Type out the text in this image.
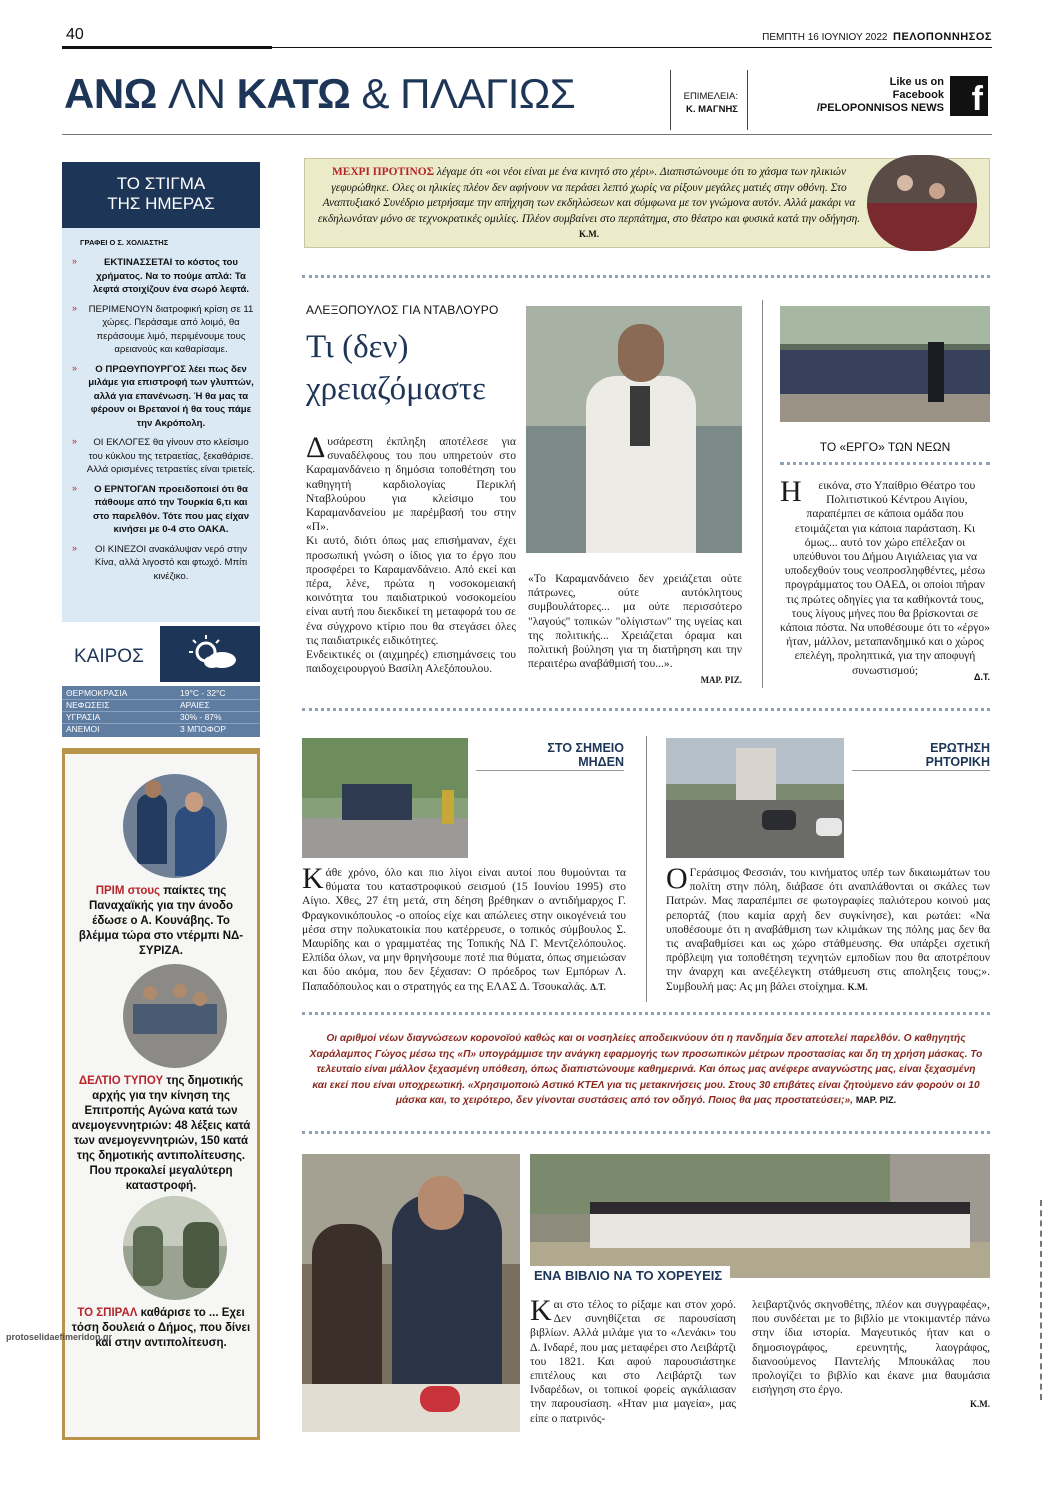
40	ΠΕΜΠΤΗ 16 ΙΟΥΝΙΟΥ 2022 ΠΕΛΟΠΟΝΝΗΣΟΣ
ΑΝΩ ΛΝ ΚΑΤΩ & ΠΛΑΓΙΩΣ	ΕΠΙΜΕΛΕΙΑ:
Κ. ΜΑΓΝΗΣ
Like us on
Facebook
/PELOPONNISOS NEWS f
ΤΟ ΣΤΙΓΜΑ
ΤΗΣ ΗΜΕΡΑΣ
ΓΡΑΦΕΙ Ο Σ. ΧΟΛΙΑΣΤΗΣ
»	ΕΚΤΙΝΑΣΣΕΤΑΙ το κόστος του χρήματος. Να το πούμε απλά: Τα λεφτά στοιχίζουν ένα σωρό λεφτά.
»	ΠΕΡΙΜΕΝΟΥΝ διατροφική κρίση σε 11 χώρες. Περάσαμε από λοιμό, θα περάσουμε λιμό, περιμένουμε τους αρειανούς και καθαρίσαμε.
»	Ο ΠΡΩΘΥΠΟΥΡΓΟΣ λέει πως δεν μιλάμε για επιστροφή των γλυπτών, αλλά για επανένωση. Ή θα μας τα φέρουν οι Βρετανοί ή θα τους πάμε την Ακρόπολη.
»	ΟΙ ΕΚΛΟΓΕΣ θα γίνουν στο κλείσιμο του κύκλου της τετραετίας, ξεκαθάρισε. Αλλά ορισμένες τετραετίες είναι τριετείς.
»	Ο ΕΡΝΤΟΓΑΝ προειδοποιεί ότι θα πάθουμε από την Τουρκία 6,τι και στο παρελθόν. Τότε που μας είχαν κινήσει με 0-4 στο ΟΑΚΑ.
»	ΟΙ ΚΙΝΕΖΟΙ ανακάλυψαν νερό στην Κίνα, αλλά λιγοστό και φτωχό. Μπίτι κινέζικο.
ΚΑΙΡΟΣ
ΘΕΡΜΟΚΡΑΣΙΑ	19°C - 32°C
ΝΕΦΩΣΕΙΣ	ΑΡΑΙΕΣ
ΥΓΡΑΣΙΑ	30% - 87%
ΑΝΕΜΟΙ	3 ΜΠΟΦΟΡ
ΠΡΙΜ στους παίκτες της Παναχαϊκής για την άνοδο έδωσε ο Α. Κουνάβης. Το βλέμμα τώρα στο ντέρμπι ΝΔ-ΣΥΡΙΖΑ.
ΔΕΛΤΙΟ ΤΥΠΟΥ της δημοτικής αρχής για την κίνηση της Επιτροπής Αγώνα κατά των ανεμογεννητριών: 48 λέξεις κατά των ανεμογεννητριών, 150 κατά της δημοτικής αντιπολίτευσης. Που προκαλεί μεγαλύτερη καταστροφή.
ΤΟ ΣΠΙΡΑΛ καθάρισε το ... Εχει τόση δουλειά ο Δήμος, που δίνει και στην αντιπολίτευση.
protoselidaefimeridon.gr
ΜΕΧΡΙ ΠΡΟΤΙΝΟΣ λέγαμε ότι «οι νέοι είναι με ένα κινητό στο χέρι». Διαπιστώνουμε ότι το χάσμα των ηλικιών γεφυρώθηκε. Ολες οι ηλικίες πλέον δεν αφήνουν να περάσει λεπτό χωρίς να ρίξουν μεγάλες ματιές στην οθόνη. Στο Αναπτυξιακό Συνέδριο μετρήσαμε την απήχηση των εκδηλώσεων και σύμφωνα με τον γνώμονα αυτόν. Αλλά μακάρι να εκδηλωνόταν μόνο σε τεχνοκρατικές ομιλίες. Πλέον συμβαίνει στο περπάτημα, στο θέατρο και φυσικά κατά την οδήγηση. Κ.Μ.
ΑΛΕΞΟΠΟΥΛΟΣ ΓΙΑ ΝΤΑΒΛΟΥΡΟ
Τι (δεν)
χρειαζόμαστε
Δυσάρεστη έκπληξη αποτέλεσε για συναδέλφους του που υπηρετούν στο Καραμανδάνειο η δημόσια τοποθέτηση του καθηγητή καρδιολογίας Περικλή Νταβλούρου για κλείσιμο του Καραμανδανείου με παρέμβασή του στην «Π».
Κι αυτό, διότι όπως μας επισήμαναν, έχει προσωπική γνώση ο ίδιος για το έργο που προσφέρει το Καραμανδάνειο. Από εκεί και πέρα, λένε, πρώτα η νοσοκομειακή κοινότητα του παιδιατρικού νοσοκομείου είναι αυτή που διεκδικεί τη μεταφορά του σε ένα σύγχρονο κτίριο που θα στεγάσει όλες τις παιδιατρικές ειδικότητες.
Ενδεικτικές οι (αιχμηρές) επισημάνσεις του παιδοχειρουργού Βασίλη Αλεξόπουλου.
«Το Καραμανδάνειο δεν χρειάζεται ούτε πάτρωνες, ούτε αυτόκλητους συμβουλάτορες... μα ούτε περισσότερο "λαγούς" τοπικών "ολίγιστων" της υγείας και της πολιτικής... Χρειάζεται όραμα και πολιτική βούληση για τη διατήρηση και την περαιτέρω αναβάθμισή του...».
ΜΑΡ. ΡΙΖ.
ΤΟ «ΕΡΓΟ» ΤΩΝ ΝΕΩΝ
Ηεικόνα, στο Υπαίθριο Θέατρο του Πολιτιστικού Κέντρου Αιγίου, παραπέμπει σε κάποια ομάδα που ετοιμάζεται για κάποια παράσταση. Κι όμως... αυτό τον χώρο επέλεξαν οι υπεύθυνοι του Δήμου Αιγιάλειας για να υποδεχθούν τους νεοπροσληφθέντες, μέσω προγράμματος του ΟΑΕΔ, οι οποίοι πήραν τις πρώτες οδηγίες για τα καθήκοντά τους, τους λίγους μήνες που θα βρίσκονται σε κάποια πόστα. Να υποθέσουμε ότι το «έργο» ήταν, μάλλον, μεταπανδημικό και ο χώρος επελέγη, προληπτικά, για την αποφυγή συνωστισμού;
Δ.Τ.
ΣΤΟ ΣΗΜΕΙΟ
ΜΗΔΕΝ
Κάθε χρόνο, όλο και πιο λίγοι είναι αυτοί που θυμούνται τα θύματα του καταστροφικού σεισμού (15 Ιουνίου 1995) στο Αίγιο. Χθες, 27 έτη μετά, στη δέηση βρέθηκαν ο αντιδήμαρχος Γ. Φραγκονικόπουλος -ο οποίος είχε και απώλειες στην οικογένειά του μέσα στην πολυκατοικία που κατέρρευσε, ο τοπικός σύμβουλος Σ. Μαυρίδης και ο γραμματέας της Τοπικής ΝΔ Γ. Μεντζελόπουλος. Ελπίδα όλων, να μην θρηνήσουμε ποτέ πια θύματα, όπως σημειώσαν και δύο ακόμα, που δεν ξέχασαν: Ο πρόεδρος των Εμπόρων Λ. Παπαδόπουλος και ο στρατηγός εα της ΕΛΑΣ Δ. Τσουκαλάς. Δ.Τ.
ΕΡΩΤΗΣΗ
ΡΗΤΟΡΙΚΗ
ΟΓεράσιμος Φεσσιάν, του κινήματος υπέρ των δικαιωμάτων του πολίτη στην πόλη, διάβασε ότι αναπλάθονται οι σκάλες των Πατρών. Μας παραπέμπει σε φωτογραφίες παλιότερου κοινού μας ρεπορτάζ (που καμία αρχή δεν συγκίνησε), και ρωτάει: «Να υποθέσουμε ότι η αναβάθμιση των κλιμάκων της πόλης μας δεν θα τις αναβαθμίσει και ως χώρο στάθμευσης. Θα υπάρξει σχετική πρόβλεψη για τοποθέτηση τεχνητών εμποδίων που θα αποτρέπουν την άναρχη και ανεξέλεγκτη στάθμευση στις αποληξεις τους;». Συμβουλή μας: Ας μη βάλει στοίχημα. Κ.Μ.
Οι αριθμοί νέων διαγνώσεων κορονοϊού καθώς και οι νοσηλείες αποδεικνύουν ότι η πανδημία δεν αποτελεί παρελθόν. Ο καθηγητής Χαράλαμπος Γώγος μέσω της «Π» υπογράμμισε την ανάγκη εφαρμογής των προσωπικών μέτρων προστασίας και δη τη χρήση μάσκας. Το τελευταίο είναι μάλλον ξεχασμένη υπόθεση, όπως διαπιστώνουμε καθημερινά. Και όπως μας ανέφερε αναγνώστης μας, είναι ξεχασμένη και εκεί που είναι υποχρεωτική. «Χρησιμοποιώ Αστικό ΚΤΕΛ για τις μετακινήσεις μου. Στους 30 επιβάτες είναι ζητούμενο εάν φορούν οι 10 μάσκα και, το χειρότερο, δεν γίνονται συστάσεις από τον οδηγό. Ποιος θα μας προστατεύσει;», ΜΑΡ. ΡΙΖ.
ΕΝΑ ΒΙΒΛΙΟ ΝΑ ΤΟ ΧΟΡΕΥΕΙΣ
Και στο τέλος το ρίξαμε και στον χορό. Δεν συνηθίζεται σε παρουσίαση βιβλίων. Αλλά μιλάμε για το «Λενάκι» του Δ. Ινδαρέ, που μας μεταφέρει στο Λειβάρτζι του 1821. Και αφού παρουσιάστηκε επιτέλους και στο Λειβάρτζι των Ινδαρέδων, οι τοπικοί φορείς αγκάλιασαν την παρουσίαση. «Ηταν μια μαγεία», μας είπε ο πατρινός-
λειβαρτζινός σκηνοθέτης, πλέον και συγγραφέας», που συνδέεται με το βιβλίο με ντοκιμαντέρ πάνω στην ίδια ιστορία. Μαγευτικός ήταν και ο δημοσιογράφος, ερευνητής, λαογράφος, διανοούμενος Παντελής Μπουκάλας που προλογίζει το βιβλίο και έκανε μια θαυμάσια εισήγηση στο έργο.
Κ.Μ.
